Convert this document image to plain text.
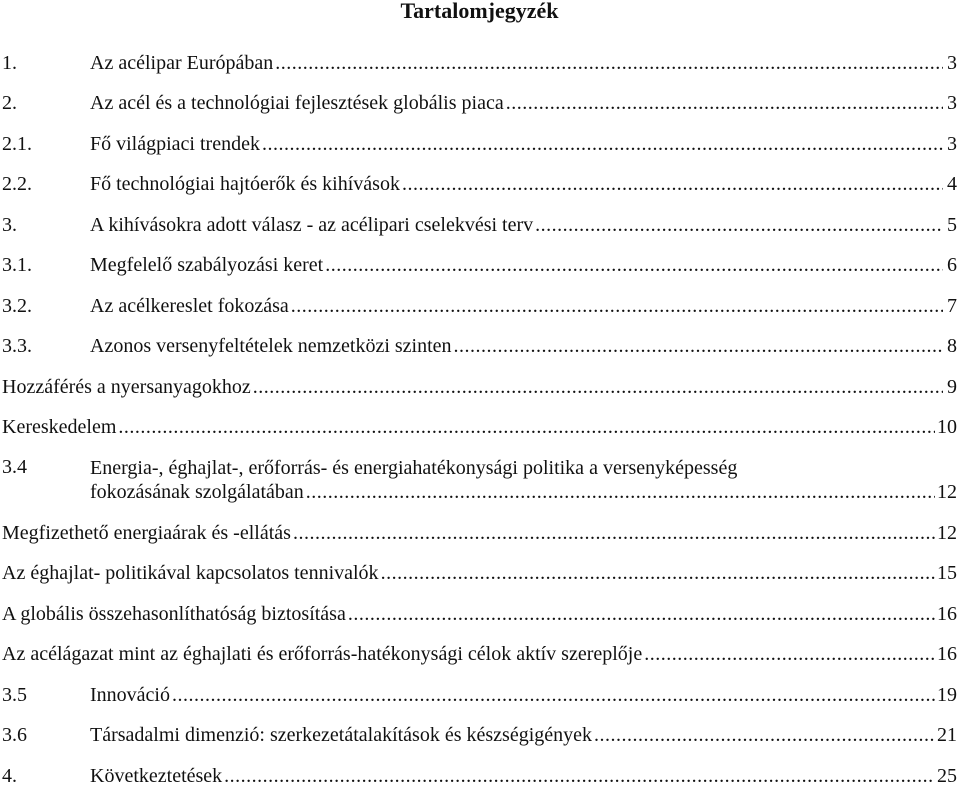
Tartalomjegyzék
1.	Az acélipar Európában .....	3
2.	Az acél és a technológiai fejlesztések globális piaca .....	3
2.1.	Fő világpiaci trendek .....	3
2.2.	Fő technológiai hajtóerők és kihívások .....	4
3.	A kihívásokra adott válasz - az acélipari cselekvési terv .....	5
3.1.	Megfelelő szabályozási keret .....	6
3.2.	Az acélkereslet fokozása .....	7
3.3.	Azonos versenyfeltételek nemzetközi szinten .....	8
Hozzáférés a nyersanyagokhoz .....	9
Kereskedelem .....	10
3.4	Energia-, éghajlat-, erőforrás- és energiahatékonysági politika a versenyképesség
fokozásának szolgálatában .....	12
Megfizethető energiaárak és -ellátás .....	12
Az éghajlat- politikával kapcsolatos tennivalók .....	15
A globális összehasonlíthatóság biztosítása .....	16
Az acélágazat mint az éghajlati és erőforrás-hatékonysági célok aktív szereplője .....	16
3.5	Innováció .....	19
3.6	Társadalmi dimenzió: szerkezetátalakítások és készségigények .....	21
4.	Következtetések .....	25
